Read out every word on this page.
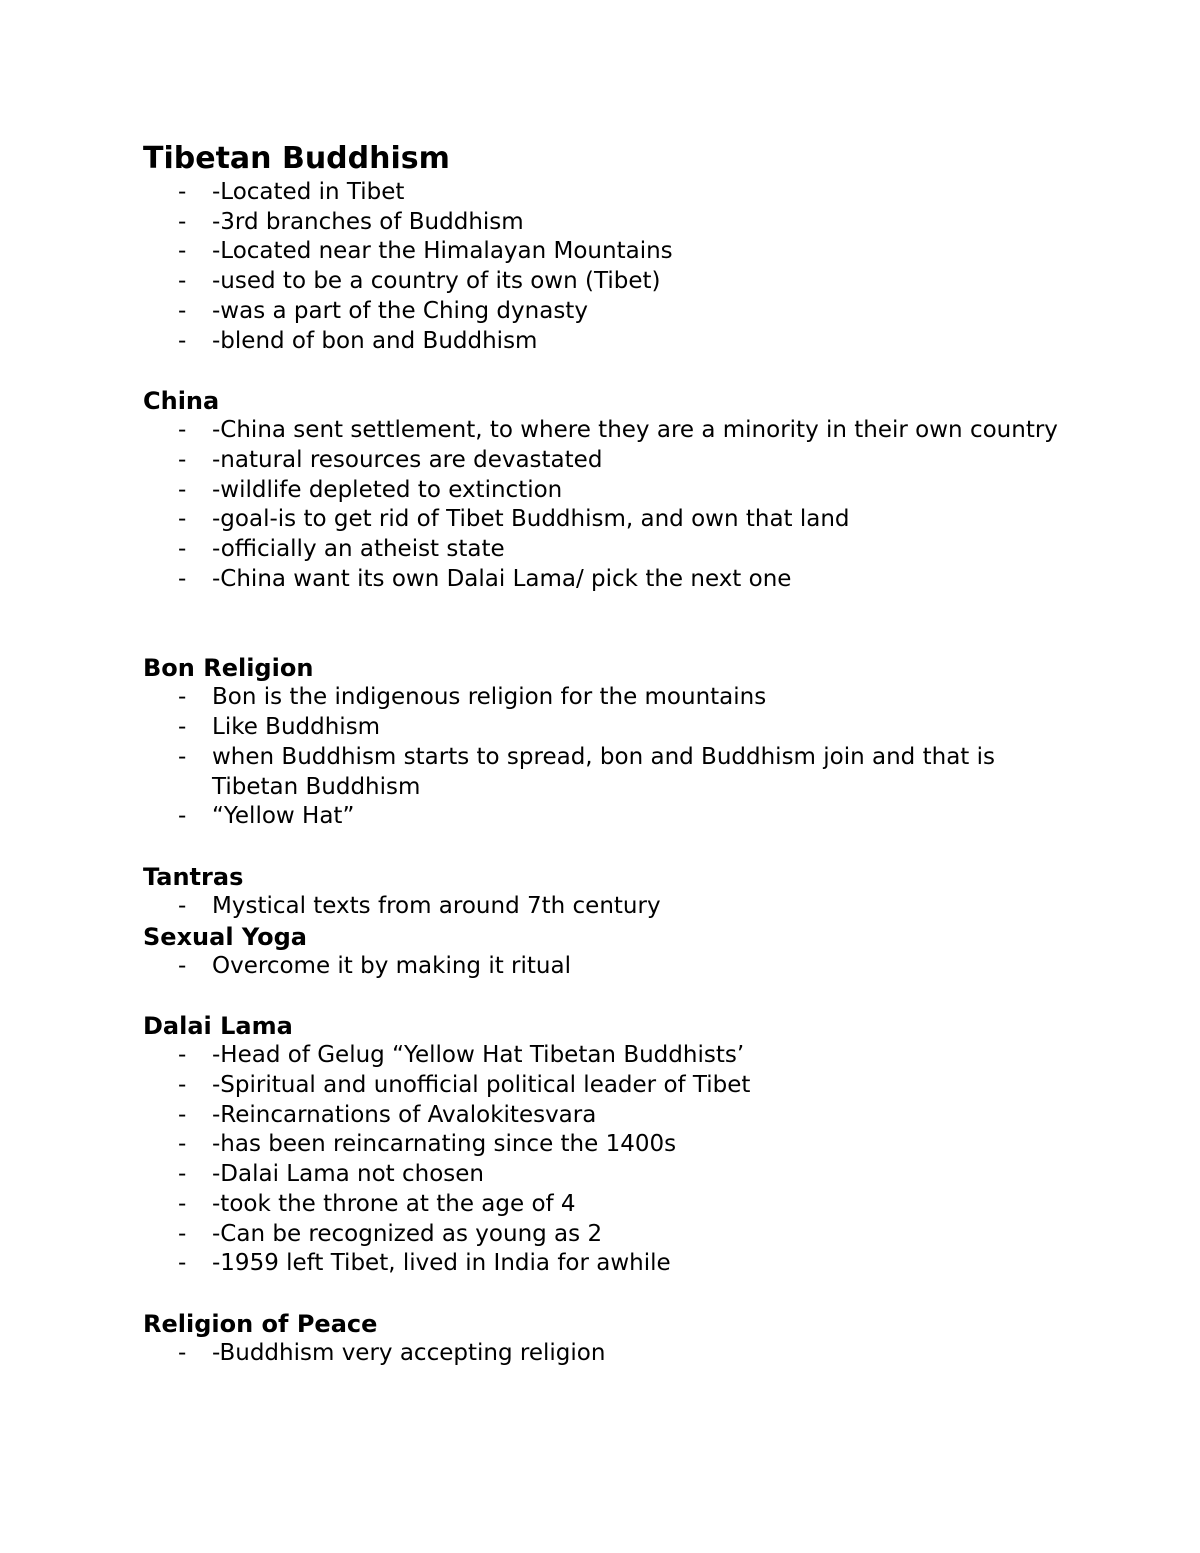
Tibetan Buddhism
- -Located in Tibet
- -3rd branches of Buddhism
- -Located near the Himalayan Mountains
- -used to be a country of its own (Tibet)
- -was a part of the Ching dynasty
- -blend of bon and Buddhism
China
- -China sent settlement, to where they are a minority in their own country
- -natural resources are devastated
- -wildlife depleted to extinction
- -goal-is to get rid of Tibet Buddhism, and own that land
- -officially an atheist state
- -China want its own Dalai Lama/ pick the next one
Bon Religion
- Bon is the indigenous religion for the mountains
- Like Buddhism
- when Buddhism starts to spread, bon and Buddhism join and that is Tibetan Buddhism
- “Yellow Hat”
Tantras
- Mystical texts from around 7th century
Sexual Yoga
- Overcome it by making it ritual
Dalai Lama
- -Head of Gelug “Yellow Hat Tibetan Buddhists’
- -Spiritual and unofficial political leader of Tibet
- -Reincarnations of Avalokitesvara
- -has been reincarnating since the 1400s
- -Dalai Lama not chosen
- -took the throne at the age of 4
- -Can be recognized as young as 2
- -1959 left Tibet, lived in India for awhile
Religion of Peace
- -Buddhism very accepting religion
